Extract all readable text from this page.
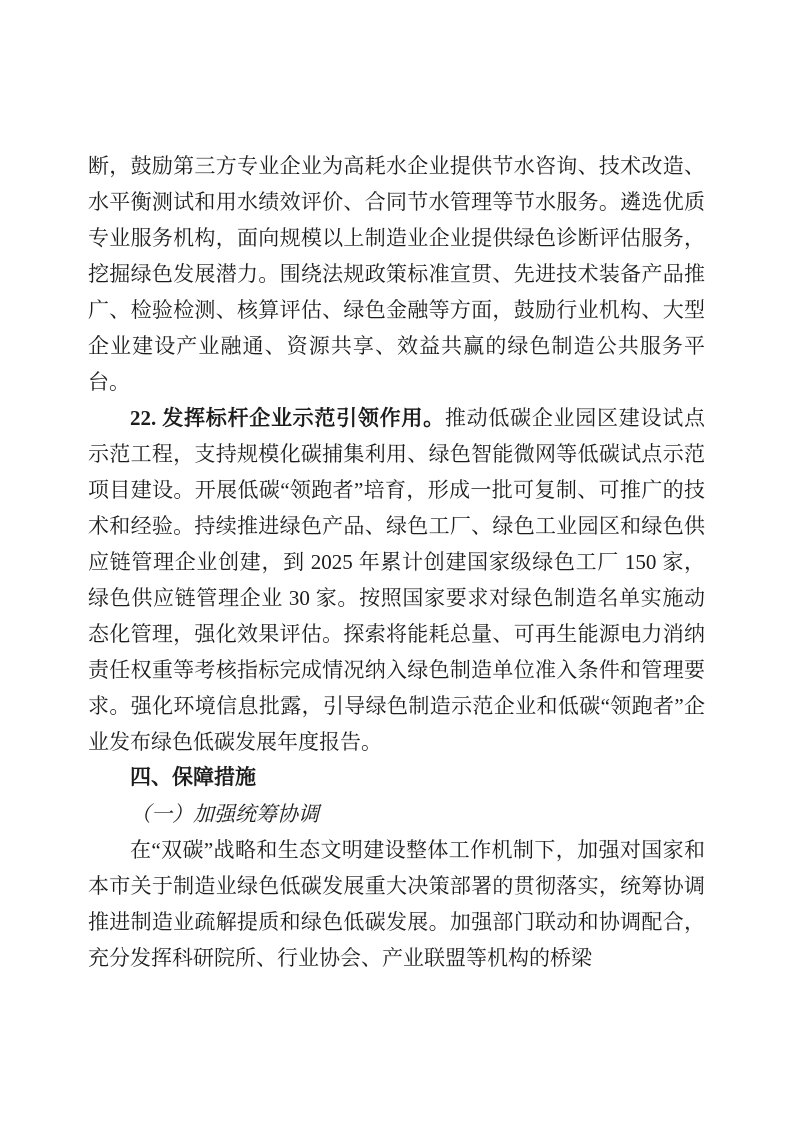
断，鼓励第三方专业企业为高耗水企业提供节水咨询、技术改造、水平衡测试和用水绩效评价、合同节水管理等节水服务。遴选优质专业服务机构，面向规模以上制造业企业提供绿色诊断评估服务，挖掘绿色发展潜力。围绕法规政策标准宣贯、先进技术装备产品推广、检验检测、核算评估、绿色金融等方面，鼓励行业机构、大型企业建设产业融通、资源共享、效益共赢的绿色制造公共服务平台。

22. 发挥标杆企业示范引领作用。推动低碳企业园区建设试点示范工程，支持规模化碳捕集利用、绿色智能微网等低碳试点示范项目建设。开展低碳“领跑者”培育，形成一批可复制、可推广的技术和经验。持续推进绿色产品、绿色工厂、绿色工业园区和绿色供应链管理企业创建，到 2025 年累计创建国家级绿色工厂 150 家，绿色供应链管理企业 30 家。按照国家要求对绿色制造名单实施动态化管理，强化效果评估。探索将能耗总量、可再生能源电力消纳责任权重等考核指标完成情况纳入绿色制造单位准入条件和管理要求。强化环境信息批露，引导绿色制造示范企业和低碳“领跑者”企业发布绿色低碳发展年度报告。

四、保障措施

（一）加强统筹协调

在“双碳”战略和生态文明建设整体工作机制下，加强对国家和本市关于制造业绿色低碳发展重大决策部署的贯彻落实，统筹协调推进制造业疏解提质和绿色低碳发展。加强部门联动和协调配合，充分发挥科研院所、行业协会、产业联盟等机构的桥梁
